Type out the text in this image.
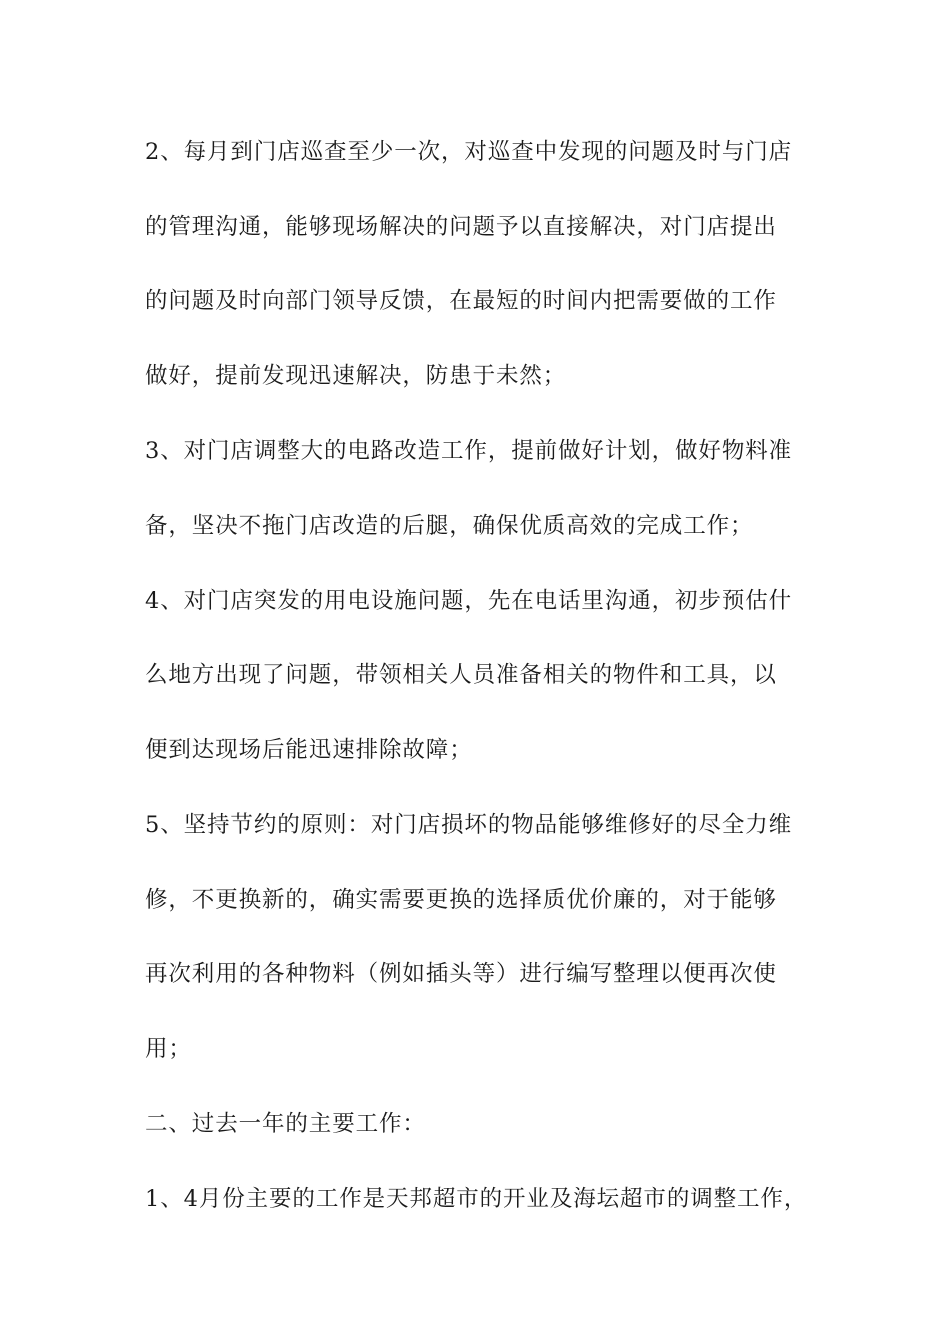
2、每月到门店巡查至少一次，对巡查中发现的问题及时与门店
的管理沟通，能够现场解决的问题予以直接解决，对门店提出
的问题及时向部门领导反馈，在最短的时间内把需要做的工作
做好，提前发现迅速解决，防患于未然；
3、对门店调整大的电路改造工作，提前做好计划，做好物料准
备，坚决不拖门店改造的后腿，确保优质高效的完成工作；
4、对门店突发的用电设施问题，先在电话里沟通，初步预估什
么地方出现了问题，带领相关人员准备相关的物件和工具，以
便到达现场后能迅速排除故障；
5、坚持节约的原则：对门店损坏的物品能够维修好的尽全力维
修，不更换新的，确实需要更换的选择质优价廉的，对于能够
再次利用的各种物料（例如插头等）进行编写整理以便再次使
用；
二、过去一年的主要工作：
1、4月份主要的工作是天邦超市的开业及海坛超市的调整工作，
